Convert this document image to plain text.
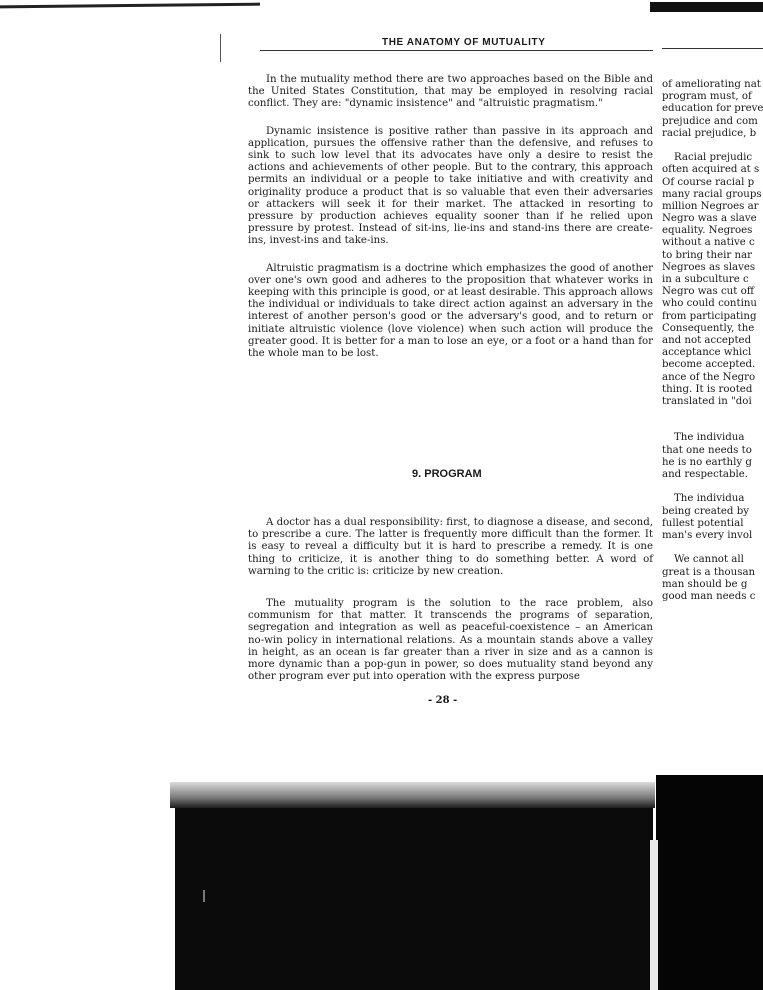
THE ANATOMY OF MUTUALITY

In the mutuality method there are two approaches based on the Bible and the United States Constitution, that may be employed in resolving racial conflict. They are: "dynamic insistence" and "altruistic pragmatism."

Dynamic insistence is positive rather than passive in its approach and application, pursues the offensive rather than the defensive, and refuses to sink to such low level that its advocates have only a desire to resist the actions and achievements of other people. But to the contrary, this approach permits an individual or a people to take initiative and with creativity and originality produce a product that is so valuable that even their adversaries or attackers will seek it for their market. The attacked in resorting to pressure by production achieves equality sooner than if he relied upon pressure by protest. Instead of sit-ins, lie-ins and stand-ins there are create-ins, invest-ins and take-ins.

Altruistic pragmatism is a doctrine which emphasizes the good of another over one's own good and adheres to the proposition that whatever works in keeping with this principle is good, or at least desirable. This approach allows the individual or individuals to take direct action against an adversary in the interest of another person's good or the adversary's good, and to return or initiate altruistic violence (love violence) when such action will produce the greater good. It is better for a man to lose an eye, or a foot or a hand than for the whole man to be lost.

9. PROGRAM

A doctor has a dual responsibility: first, to diagnose a disease, and second, to prescribe a cure. The latter is frequently more difficult than the former. It is easy to reveal a difficulty but it is hard to prescribe a remedy. It is one thing to criticize, it is another thing to do something better. A word of warning to the critic is: criticize by new creation.

The mutuality program is the solution to the race problem, also communism for that matter. It transcends the programs of separation, segregation and integration as well as peaceful-coexistence – an American no-win policy in international relations. As a mountain stands above a valley in height, as an ocean is far greater than a river in size and as a cannon is more dynamic than a pop-gun in power, so does mutuality stand beyond any other program ever put into operation with the express purpose

- 28 -
of ameliorating nat
program must, of
education for preve
prejudice and com
racial prejudice, b
Racial prejudic
often acquired at s
Of course racial p
many racial groups
million Negroes ar
Negro was a slave
equality. Negroes
without a native c
to bring their nar
Negroes as slaves
in a subculture c
Negro was cut off
who could continu
from participating
Consequently, the
and not accepted
acceptance whicl
become accepted.
ance of the Negro
thing. It is rooted
translated in "doi
The individua
that one needs to
he is no earthly g
and respectable.
The individua
being created by
fullest potential
man's every invol
We cannot all
great is a thousan
man should be g
good man needs c
